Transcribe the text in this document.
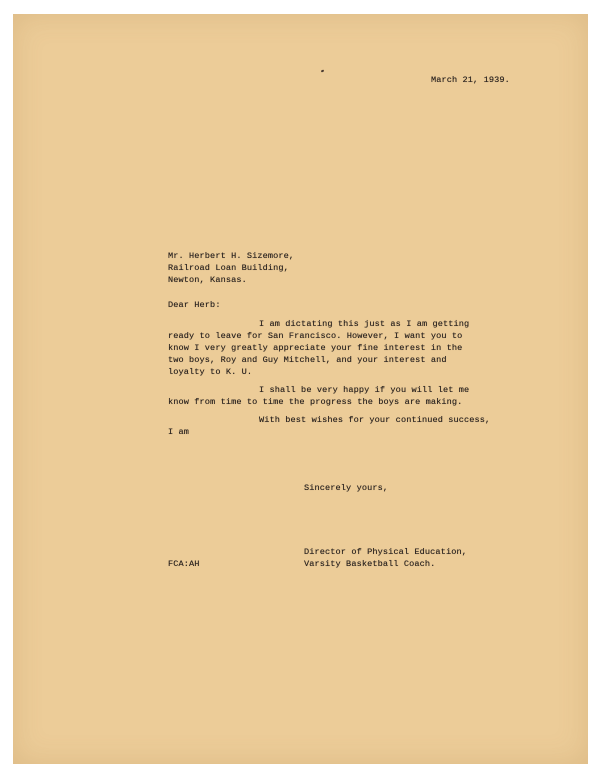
March 21, 1939.
Mr. Herbert H. Sizemore,
Railroad Loan Building,
Newton, Kansas.
Dear Herb:
I am dictating this just as I am getting
ready to leave for San Francisco. However, I want you to
know I very greatly appreciate your fine interest in the
two boys, Roy and Guy Mitchell, and your interest and
loyalty to K. U.
I shall be very happy if you will let me
know from time to time the progress the boys are making.
With best wishes for your continued success,
I am
Sincerely yours,
Director of Physical Education,
FCA:AH	Varsity Basketball Coach.
